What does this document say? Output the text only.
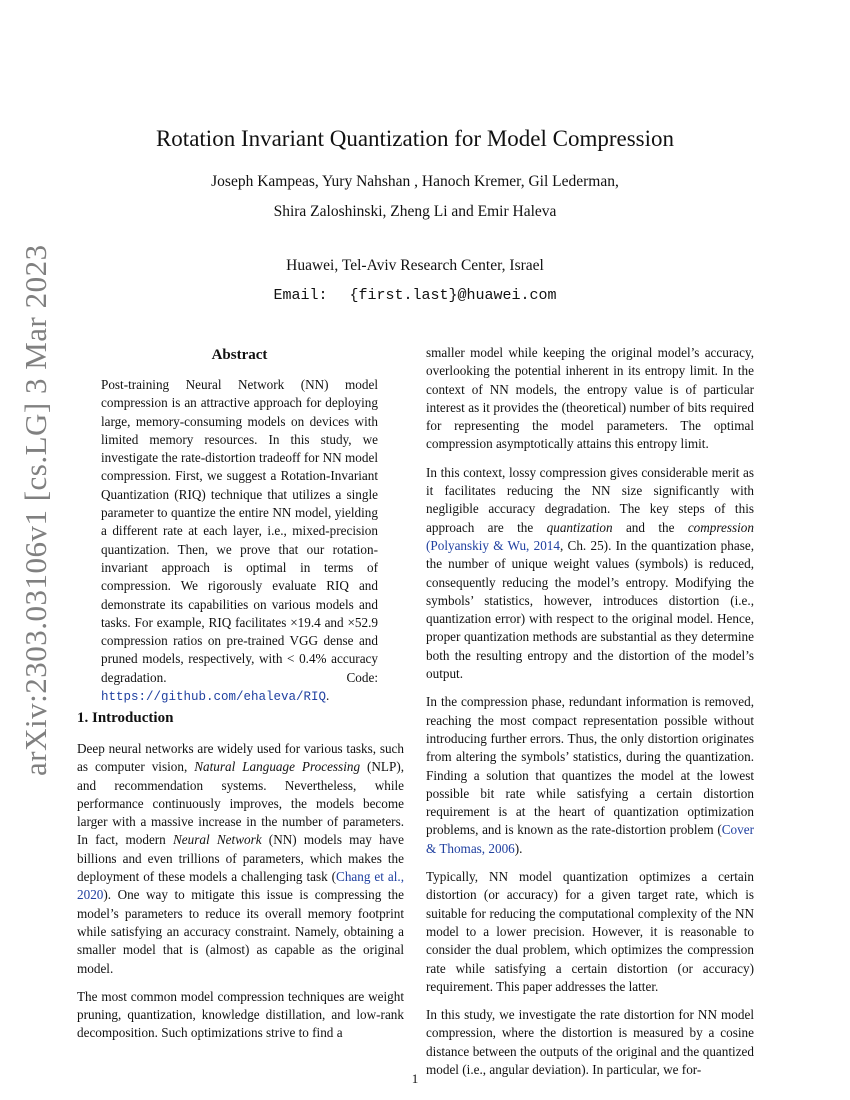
arXiv:2303.03106v1 [cs.LG] 3 Mar 2023
Rotation Invariant Quantization for Model Compression
Joseph Kampeas, Yury Nahshan , Hanoch Kremer, Gil Lederman,
Shira Zaloshinski, Zheng Li and Emir Haleva
Huawei, Tel-Aviv Research Center, Israel
Email: {first.last}@huawei.com
Abstract
Post-training Neural Network (NN) model compression is an attractive approach for deploying large, memory-consuming models on devices with limited memory resources. In this study, we investigate the rate-distortion tradeoff for NN model compression. First, we suggest a Rotation-Invariant Quantization (RIQ) technique that utilizes a single parameter to quantize the entire NN model, yielding a different rate at each layer, i.e., mixed-precision quantization. Then, we prove that our rotation-invariant approach is optimal in terms of compression. We rigorously evaluate RIQ and demonstrate its capabilities on various models and tasks. For example, RIQ facilitates ×19.4 and ×52.9 compression ratios on pre-trained VGG dense and pruned models, respectively, with < 0.4% accuracy degradation. Code: https://github.com/ehaleva/RIQ.
1. Introduction

Deep neural networks are widely used for various tasks, such as computer vision, Natural Language Processing (NLP), and recommendation systems. Nevertheless, while performance continuously improves, the models become larger with a massive increase in the number of parameters. In fact, modern Neural Network (NN) models may have billions and even trillions of parameters, which makes the deployment of these models a challenging task (Chang et al., 2020). One way to mitigate this issue is compressing the model’s parameters to reduce its overall memory footprint while satisfying an accuracy constraint. Namely, obtaining a smaller model that is (almost) as capable as the original model.

The most common model compression techniques are weight pruning, quantization, knowledge distillation, and low-rank decomposition. Such optimizations strive to find a

smaller model while keeping the original model’s accuracy, overlooking the potential inherent in its entropy limit. In the context of NN models, the entropy value is of particular interest as it provides the (theoretical) number of bits required for representing the model parameters. The optimal compression asymptotically attains this entropy limit.

In this context, lossy compression gives considerable merit as it facilitates reducing the NN size significantly with negligible accuracy degradation. The key steps of this approach are the quantization and the compression (Polyanskiy & Wu, 2014, Ch. 25). In the quantization phase, the number of unique weight values (symbols) is reduced, consequently reducing the model’s entropy. Modifying the symbols’ statistics, however, introduces distortion (i.e., quantization error) with respect to the original model. Hence, proper quantization methods are substantial as they determine both the resulting entropy and the distortion of the model’s output.

In the compression phase, redundant information is removed, reaching the most compact representation possible without introducing further errors. Thus, the only distortion originates from altering the symbols’ statistics, during the quantization. Finding a solution that quantizes the model at the lowest possible bit rate while satisfying a certain distortion requirement is at the heart of quantization optimization problems, and is known as the rate-distortion problem (Cover & Thomas, 2006).

Typically, NN model quantization optimizes a certain distortion (or accuracy) for a given target rate, which is suitable for reducing the computational complexity of the NN model to a lower precision. However, it is reasonable to consider the dual problem, which optimizes the compression rate while satisfying a certain distortion (or accuracy) requirement. This paper addresses the latter.

In this study, we investigate the rate distortion for NN model compression, where the distortion is measured by a cosine distance between the outputs of the original and the quantized model (i.e., angular deviation). In particular, we for-

1
